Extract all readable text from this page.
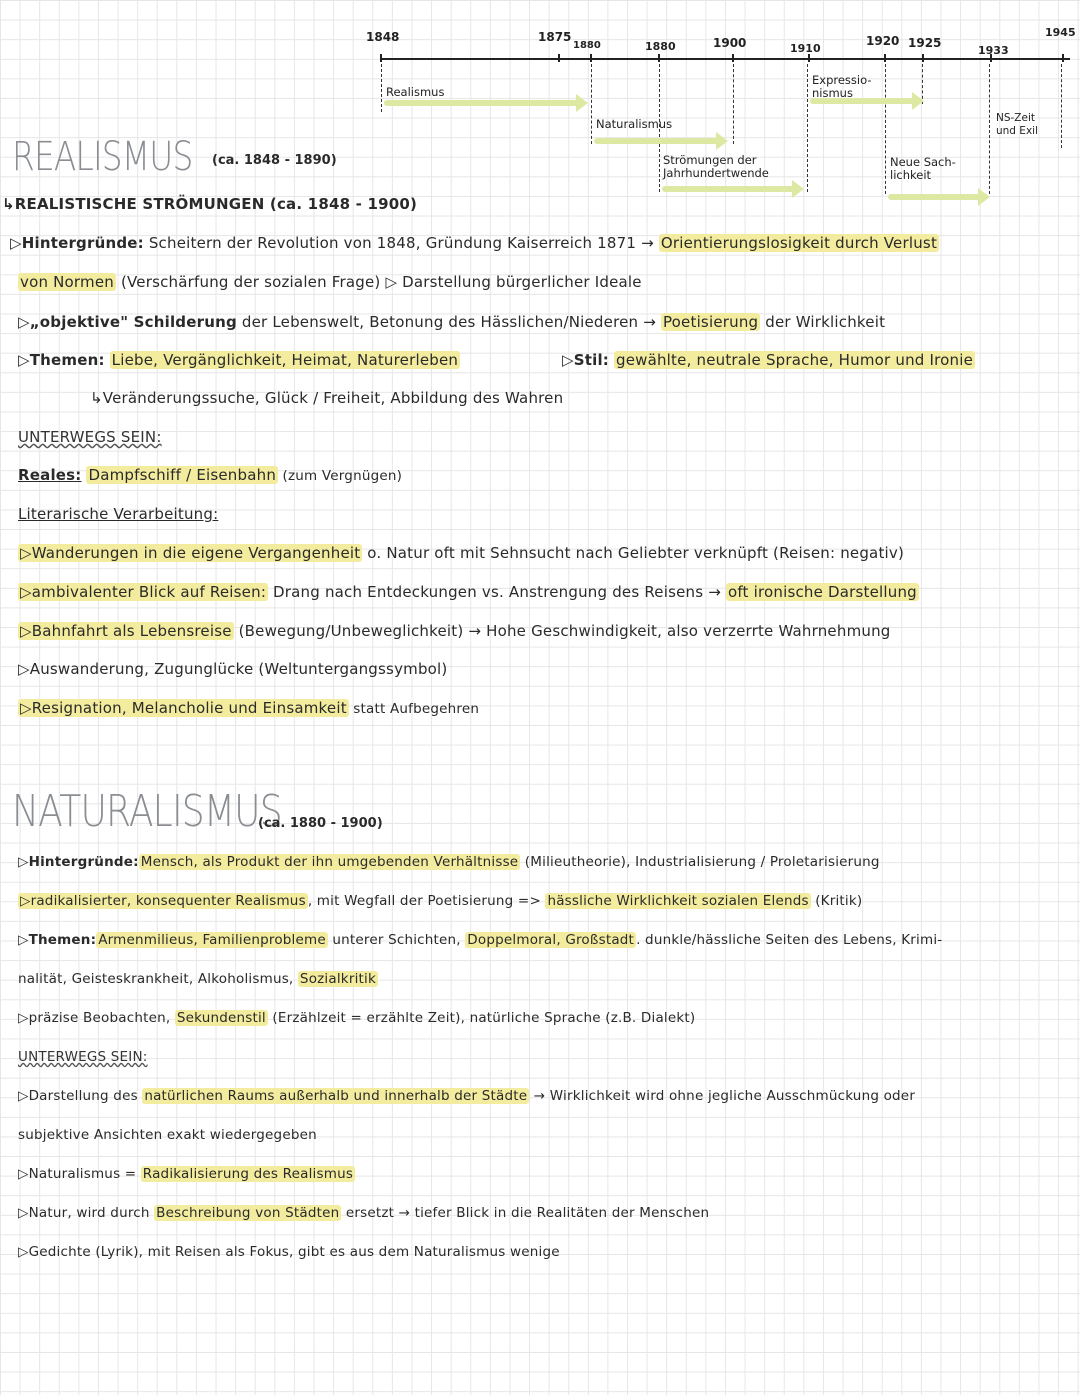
1848	1875
1880	1880	1900	1910
1920 1925
1933
1945
Realismus
Naturalismus
Strömungen der
Jahrhundertwende
Expressio-
nismus
Neue Sach-
lichkeit
NS-Zeit
und Exil
REALISMUS (ca. 1848 - 1890)
↳REALISTISCHE STRÖMUNGEN (ca. 1848 - 1900)
▷Hintergründe: Scheitern der Revolution von 1848, Gründung Kaiserreich 1871 → Orientierungslosigkeit durch Verlust
von Normen (Verschärfung der sozialen Frage) ▷ Darstellung bürgerlicher Ideale
▷„objektive" Schilderung der Lebenswelt, Betonung des Hässlichen/Niederen → Poetisierung der Wirklichkeit
▷Themen: Liebe, Vergänglichkeit, Heimat, Naturerleben	▷Stil: gewählte, neutrale Sprache, Humor und Ironie
↳Veränderungssuche, Glück / Freiheit, Abbildung des Wahren
UNTERWEGS SEIN:
Reales: Dampfschiff / Eisenbahn (zum Vergnügen)
Literarische Verarbeitung:
▷Wanderungen in die eigene Vergangenheit o. Natur oft mit Sehnsucht nach Geliebter verknüpft (Reisen: negativ)
▷ambivalenter Blick auf Reisen: Drang nach Entdeckungen vs. Anstrengung des Reisens → oft ironische Darstellung
▷Bahnfahrt als Lebensreise (Bewegung/Unbeweglichkeit) → Hohe Geschwindigkeit, also verzerrte Wahrnehmung
▷Auswanderung, Zugunglücke (Weltuntergangssymbol)
▷Resignation, Melancholie und Einsamkeit statt Aufbegehren
NATURALISMUS
(ca. 1880 - 1900)
▷Hintergründe: Mensch, als Produkt der ihn umgebenden Verhältnisse (Milieutheorie), Industrialisierung / Proletarisierung
▷radikalisierter, konsequenter Realismus , mit Wegfall der Poetisierung => hässliche Wirklichkeit sozialen Elends (Kritik)
▷Themen: Armenmilieus, Familienprobleme unterer Schichten, Doppelmoral, Großstadt . dunkle/hässliche Seiten des Lebens, Krimi-
nalität, Geisteskrankheit, Alkoholismus, Sozialkritik
▷präzise Beobachten, Sekundenstil (Erzählzeit = erzählte Zeit), natürliche Sprache (z.B. Dialekt)
UNTERWEGS SEIN:
▷Darstellung des natürlichen Raums außerhalb und innerhalb der Städte → Wirklichkeit wird ohne jegliche Ausschmückung oder
subjektive Ansichten exakt wiedergegeben
▷Naturalismus = Radikalisierung des Realismus
▷Natur, wird durch Beschreibung von Städten ersetzt → tiefer Blick in die Realitäten der Menschen
▷Gedichte (Lyrik), mit Reisen als Fokus, gibt es aus dem Naturalismus wenige
